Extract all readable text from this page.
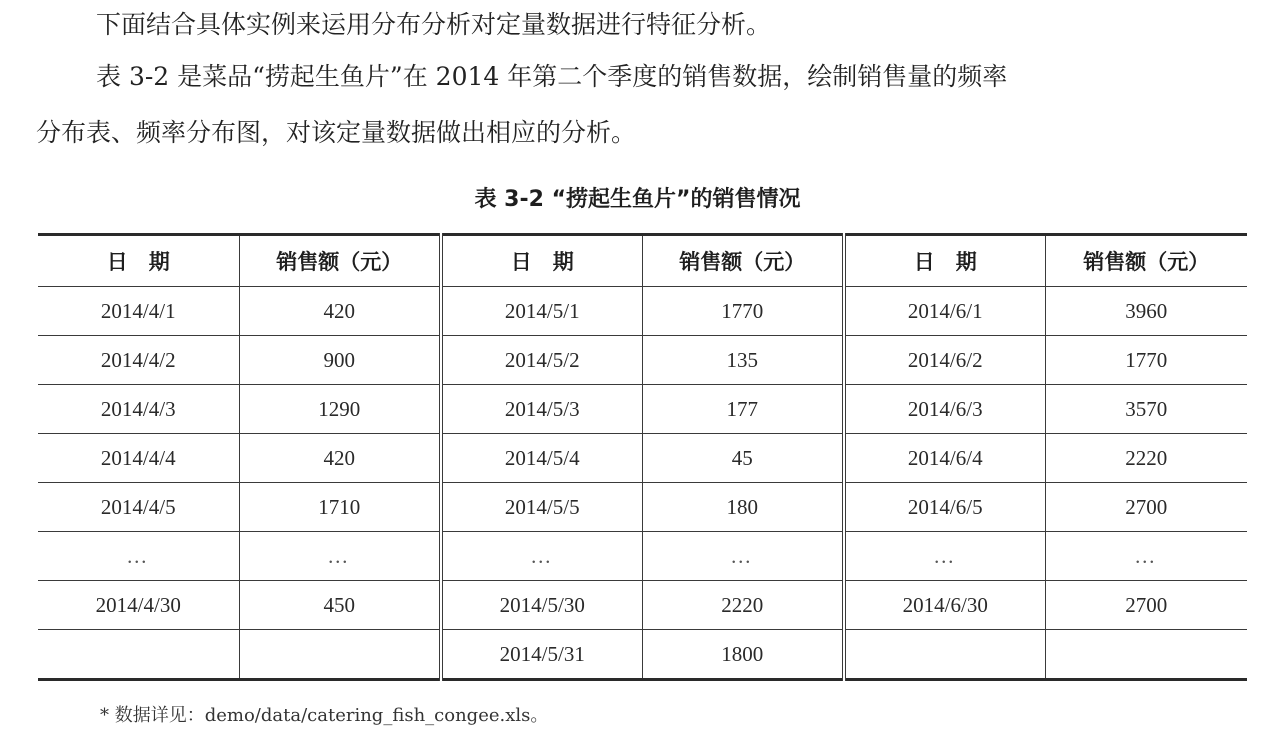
下面结合具体实例来运用分布分析对定量数据进行特征分析。

表 3-2 是菜品“捞起生鱼片”在 2014 年第二个季度的销售数据，绘制销售量的频率

分布表、频率分布图，对该定量数据做出相应的分析。

表 3-2 “捞起生鱼片”的销售情况
日　期	销售额（元）	日　期	销售额（元）	日　期	销售额（元）
2014/4/1	420	2014/5/1	1770	2014/6/1	3960
2014/4/2	900	2014/5/2	135	2014/6/2	1770
2014/4/3	1290	2014/5/3	177	2014/6/3	3570
2014/4/4	420	2014/5/4	45	2014/6/4	2220
2014/4/5	1710	2014/5/5	180	2014/6/5	2700
…	…	…	…	…	…
2014/4/30	450	2014/5/30	2220	2014/6/30	2700
		2014/5/31	1800		
* 数据详见：demo/data/catering_fish_congee.xls。
